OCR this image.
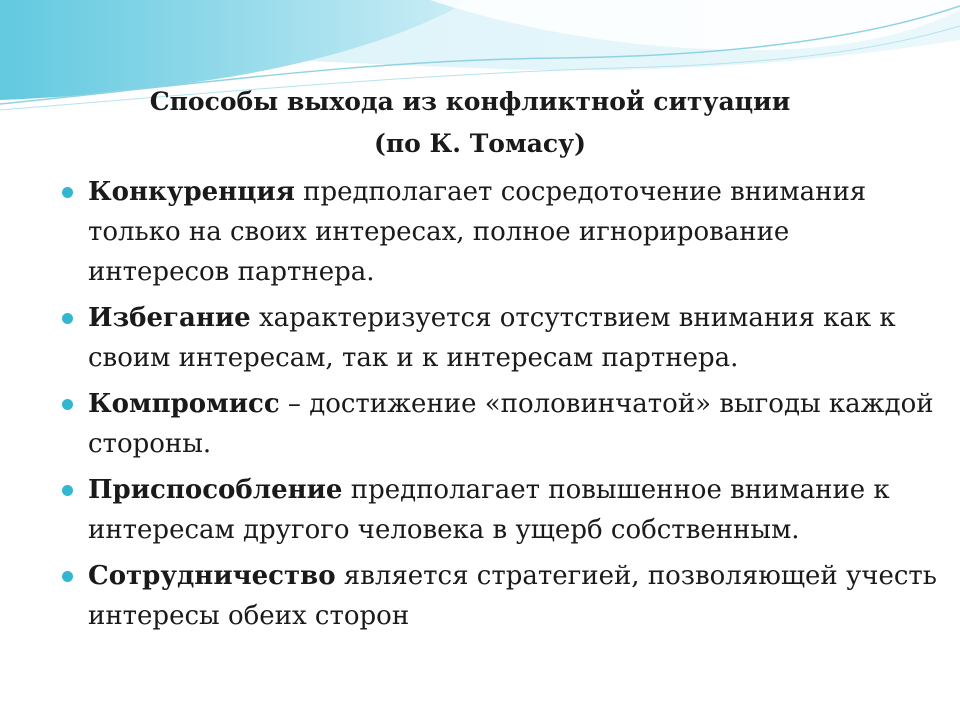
Способы выхода из конфликтной ситуации
(по К. Томасу)
Конкуренция предполагает сосредоточение внимания только на своих интересах, полное игнорирование интересов партнера.
Избегание характеризуется отсутствием внимания как к своим интересам, так и к интересам партнера.
Компромисс – достижение «половинчатой» выгоды каждой стороны.
Приспособление предполагает повышенное внимание к интересам другого человека в ущерб собственным.
Сотрудничество является стратегией, позволяющей учесть интересы обеих сторон
